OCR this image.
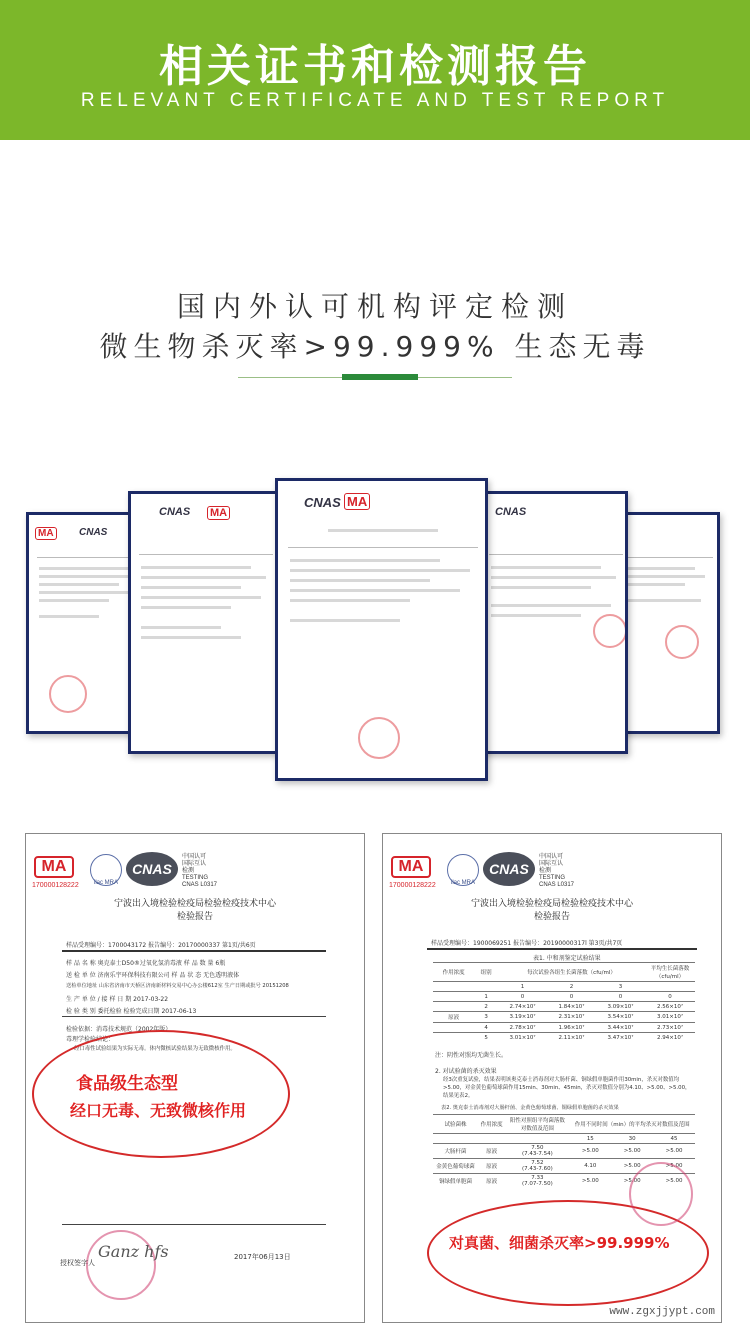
相关证书和检测报告
RELEVANT CERTIFICATE AND TEST REPORT
国内外认可机构评定检测
微生物杀灭率>99.999% 生态无毒
MA	CNAS
CNAS MA	CNAS
CNAS MA
MA
170000128222	ilac MRA
CNAS
中国认可
国际互认
检测
TESTING
CNAS L0317
宁波出入境检验检疫局检验检疫技术中心
检验报告
样品受理编号：1700043172 报告编号：20170000337 第1页/共6页
样 品 名 称 奥克泰士D50®过氧化氢消毒液 样 品 数 量 6瓶
送 检 单 位 济南乐宇环保科技有限公司 样 品 状 态 无色透明液体
送检单位地址 山东省济南市天桥区济南新材料交易中心办公楼612室 生产日期或批号 20151208
生 产 单 位 / 接 样 日 期 2017-03-22
检 验 类 别 委托检验 检验完成日期 2017-06-13
检验依据：消毒技术规范（2002年版）
毒理学检验结论：
经口毒性试验结果为实际无毒。体内微核试验结果为无致微核作用。
食品级生态型
经口无毒、无致微核作用
Ganz hfs
授权签字人
2017年06月13日
MA
170000128222	ilac MRA
CNAS
中国认可
国际互认
检测
TESTING
CNAS L0317
宁波出入境检验检疫局检验检疫技术中心
检验报告
样品受理编号：1900069251 报告编号：20190000317l 第3页/共7页
表1. 中和剂鉴定试验结果
作用浓度	组别	每次试验各组生长菌落数（cfu/ml）			平均生长菌落数（cfu/ml）
		1	2	3	
	1	0	0	0	0
	2	2.74×10⁷	1.84×10⁷	3.09×10⁷	2.56×10⁷
原液	3	3.19×10⁷	2.31×10⁷	3.54×10⁷	3.01×10⁷
	4	2.78×10⁷	1.96×10⁷	3.44×10⁷	2.73×10⁷
	5	3.01×10⁷	2.11×10⁷	3.47×10⁷	2.94×10⁷
注：阴性对照均无菌生长。
2. 对试验菌的杀灭效果
经3次重复试验，结果表明该奥克泰士消毒剂对大肠杆菌、铜绿假单胞菌作用30min，杀灭对数值均>5.00，对金黄色葡萄球菌作用15min、30min、45min，杀灭对数值分别为4.10、>5.00、>5.00，结果见表2。
表2. 奥克泰士消毒剂对大肠杆菌、金黄色葡萄球菌、铜绿假单胞菌的杀灭效果
试验菌株	作用浓度	阳性对照组平均菌落数对数值及范围	作用不同时间（min）的平均杀灭对数值及范围		
			15	30	45
大肠杆菌	原液	7.50
(7.43-7.54)	>5.00	>5.00	>5.00
金黄色葡萄球菌	原液	7.52
(7.43-7.60)	4.10	>5.00	>5.00
铜绿假单胞菌	原液	7.33
(7.07-7.50)	>5.00	>5.00	>5.00
对真菌、细菌杀灭率>99.999%
www.zgxjjypt.com
